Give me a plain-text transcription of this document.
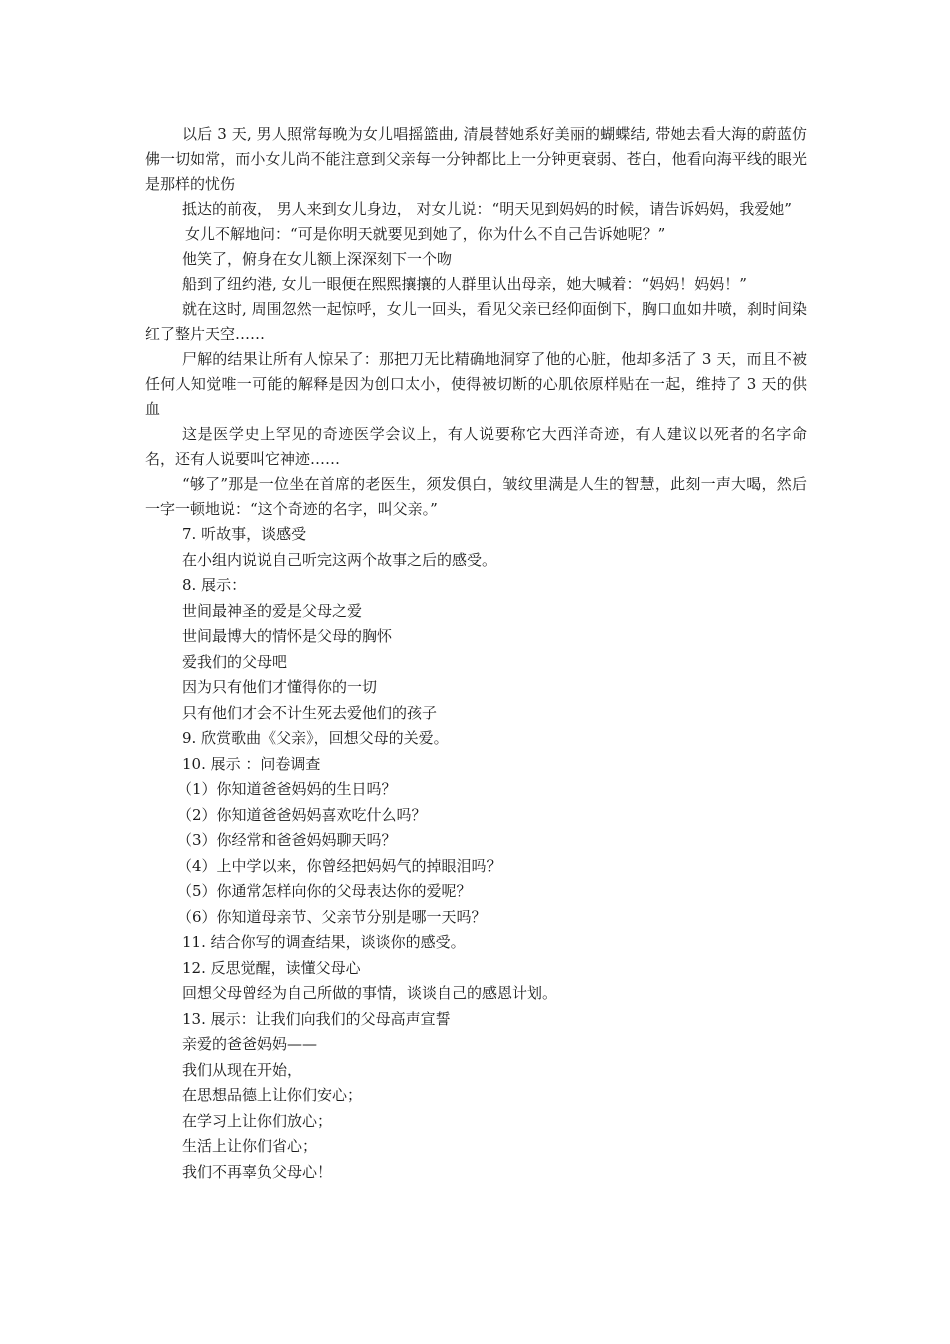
以后 3 天, 男人照常每晚为女儿唱摇篮曲, 清晨替她系好美丽的蝴蝶结, 带她去看大海的蔚蓝仿佛一切如常，而小女儿尚不能注意到父亲每一分钟都比上一分钟更衰弱、苍白，他看向海平线的眼光是那样的忧伤

抵达的前夜， 男人来到女儿身边， 对女儿说：“明天见到妈妈的时候，请告诉妈妈，我爱她”

女儿不解地问：“可是你明天就要见到她了，你为什么不自己告诉她呢？”

他笑了，俯身在女儿额上深深刻下一个吻

船到了纽约港, 女儿一眼便在熙熙攘攘的人群里认出母亲，她大喊着：“妈妈！妈妈！”

就在这时, 周围忽然一起惊呼，女儿一回头，看见父亲已经仰面倒下，胸口血如井喷，刹时间染红了整片天空……

尸解的结果让所有人惊呆了：那把刀无比精确地洞穿了他的心脏，他却多活了 3 天，而且不被任何人知觉唯一可能的解释是因为创口太小，使得被切断的心肌依原样贴在一起，维持了 3 天的供血

这是医学史上罕见的奇迹医学会议上，有人说要称它大西洋奇迹，有人建议以死者的名字命名，还有人说要叫它神迹……

“够了”那是一位坐在首席的老医生，须发俱白，皱纹里满是人生的智慧，此刻一声大喝，然后一字一顿地说：“这个奇迹的名字，叫父亲。”

7. 听故事，谈感受
在小组内说说自己听完这两个故事之后的感受。
8. 展示：
世间最神圣的爱是父母之爱
世间最博大的情怀是父母的胸怀
爱我们的父母吧
因为只有他们才懂得你的一切
只有他们才会不计生死去爱他们的孩子
9. 欣赏歌曲《父亲》，回想父母的关爱。
10. 展示 ：问卷调查
（1）你知道爸爸妈妈的生日吗？
（2）你知道爸爸妈妈喜欢吃什么吗？
（3）你经常和爸爸妈妈聊天吗？
（4）上中学以来，你曾经把妈妈气的掉眼泪吗？
（5）你通常怎样向你的父母表达你的爱呢？
（6）你知道母亲节、父亲节分别是哪一天吗？
11. 结合你写的调查结果，谈谈你的感受。
12. 反思觉醒，读懂父母心
回想父母曾经为自己所做的事情，谈谈自己的感恩计划。
13. 展示：让我们向我们的父母高声宣誓
亲爱的爸爸妈妈——
我们从现在开始，
在思想品德上让你们安心；
在学习上让你们放心；
生活上让你们省心；
我们不再辜负父母心！
